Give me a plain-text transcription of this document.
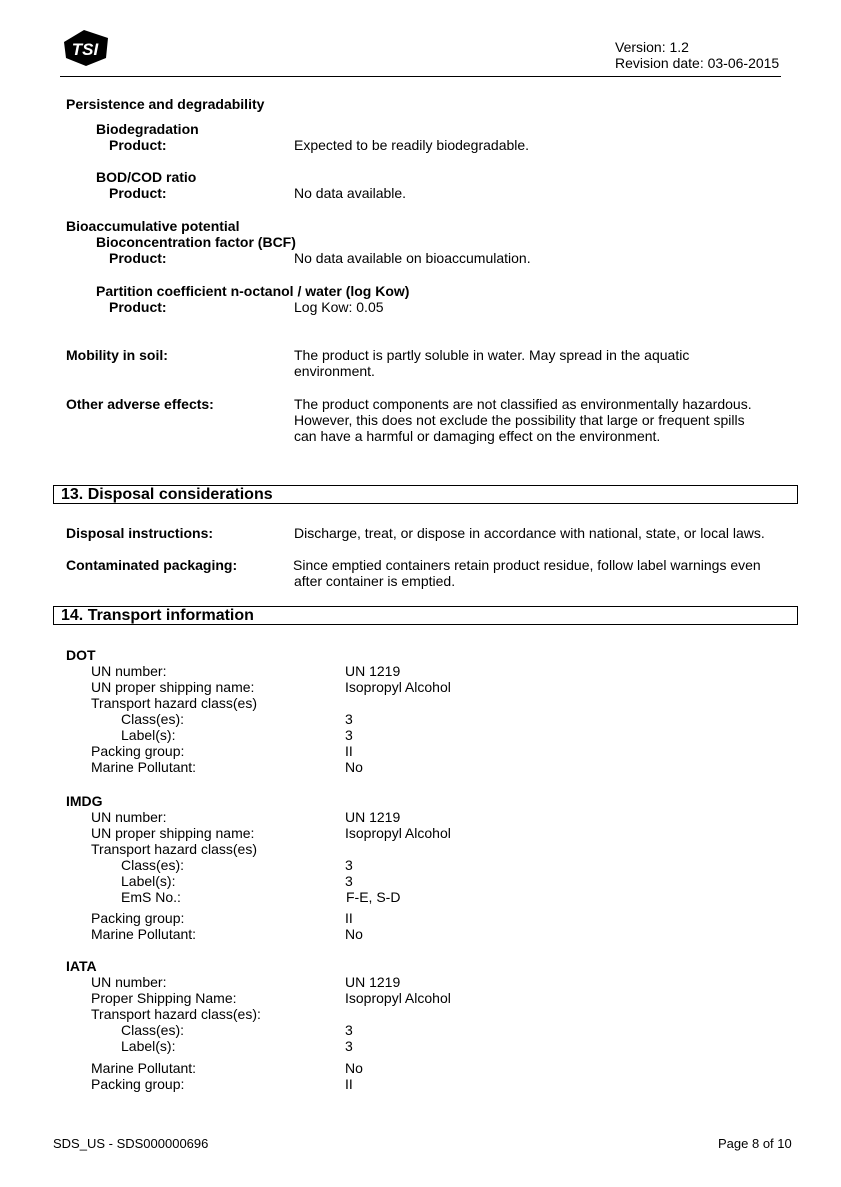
TSI	Version: 1.2
Revision date: 03-06-2015
Persistence and degradability
Biodegradation
Product:	Expected to be readily biodegradable.
BOD/COD ratio
Product:	No data available.
Bioaccumulative potential
Bioconcentration factor (BCF)
Product:	No data available on bioaccumulation.
Partition coefficient n-octanol / water (log Kow)
Product:	Log Kow: 0.05
Mobility in soil:	The product is partly soluble in water. May spread in the aquatic
environment.
Other adverse effects:	The product components are not classified as environmentally hazardous.
However, this does not exclude the possibility that large or frequent spills
can have a harmful or damaging effect on the environment.
13. Disposal considerations
Disposal instructions:	Discharge, treat, or dispose in accordance with national, state, or local laws.
Contaminated packaging:	Since emptied containers retain product residue, follow label warnings even
after container is emptied.
14. Transport information
DOT
UN number:	UN 1219
UN proper shipping name:	Isopropyl Alcohol
Transport hazard class(es)
Class(es):	3
Label(s):	3
Packing group:	II
Marine Pollutant:	No
IMDG
UN number:	UN 1219
UN proper shipping name:	Isopropyl Alcohol
Transport hazard class(es)
Class(es):	3
Label(s):	3
EmS No.:	F-E, S-D
Packing group:	II
Marine Pollutant:	No
IATA
UN number:	UN 1219
Proper Shipping Name:	Isopropyl Alcohol
Transport hazard class(es):
Class(es):	3
Label(s):	3
Marine Pollutant:	No
Packing group:	II
SDS_US - SDS000000696	Page 8 of 10
